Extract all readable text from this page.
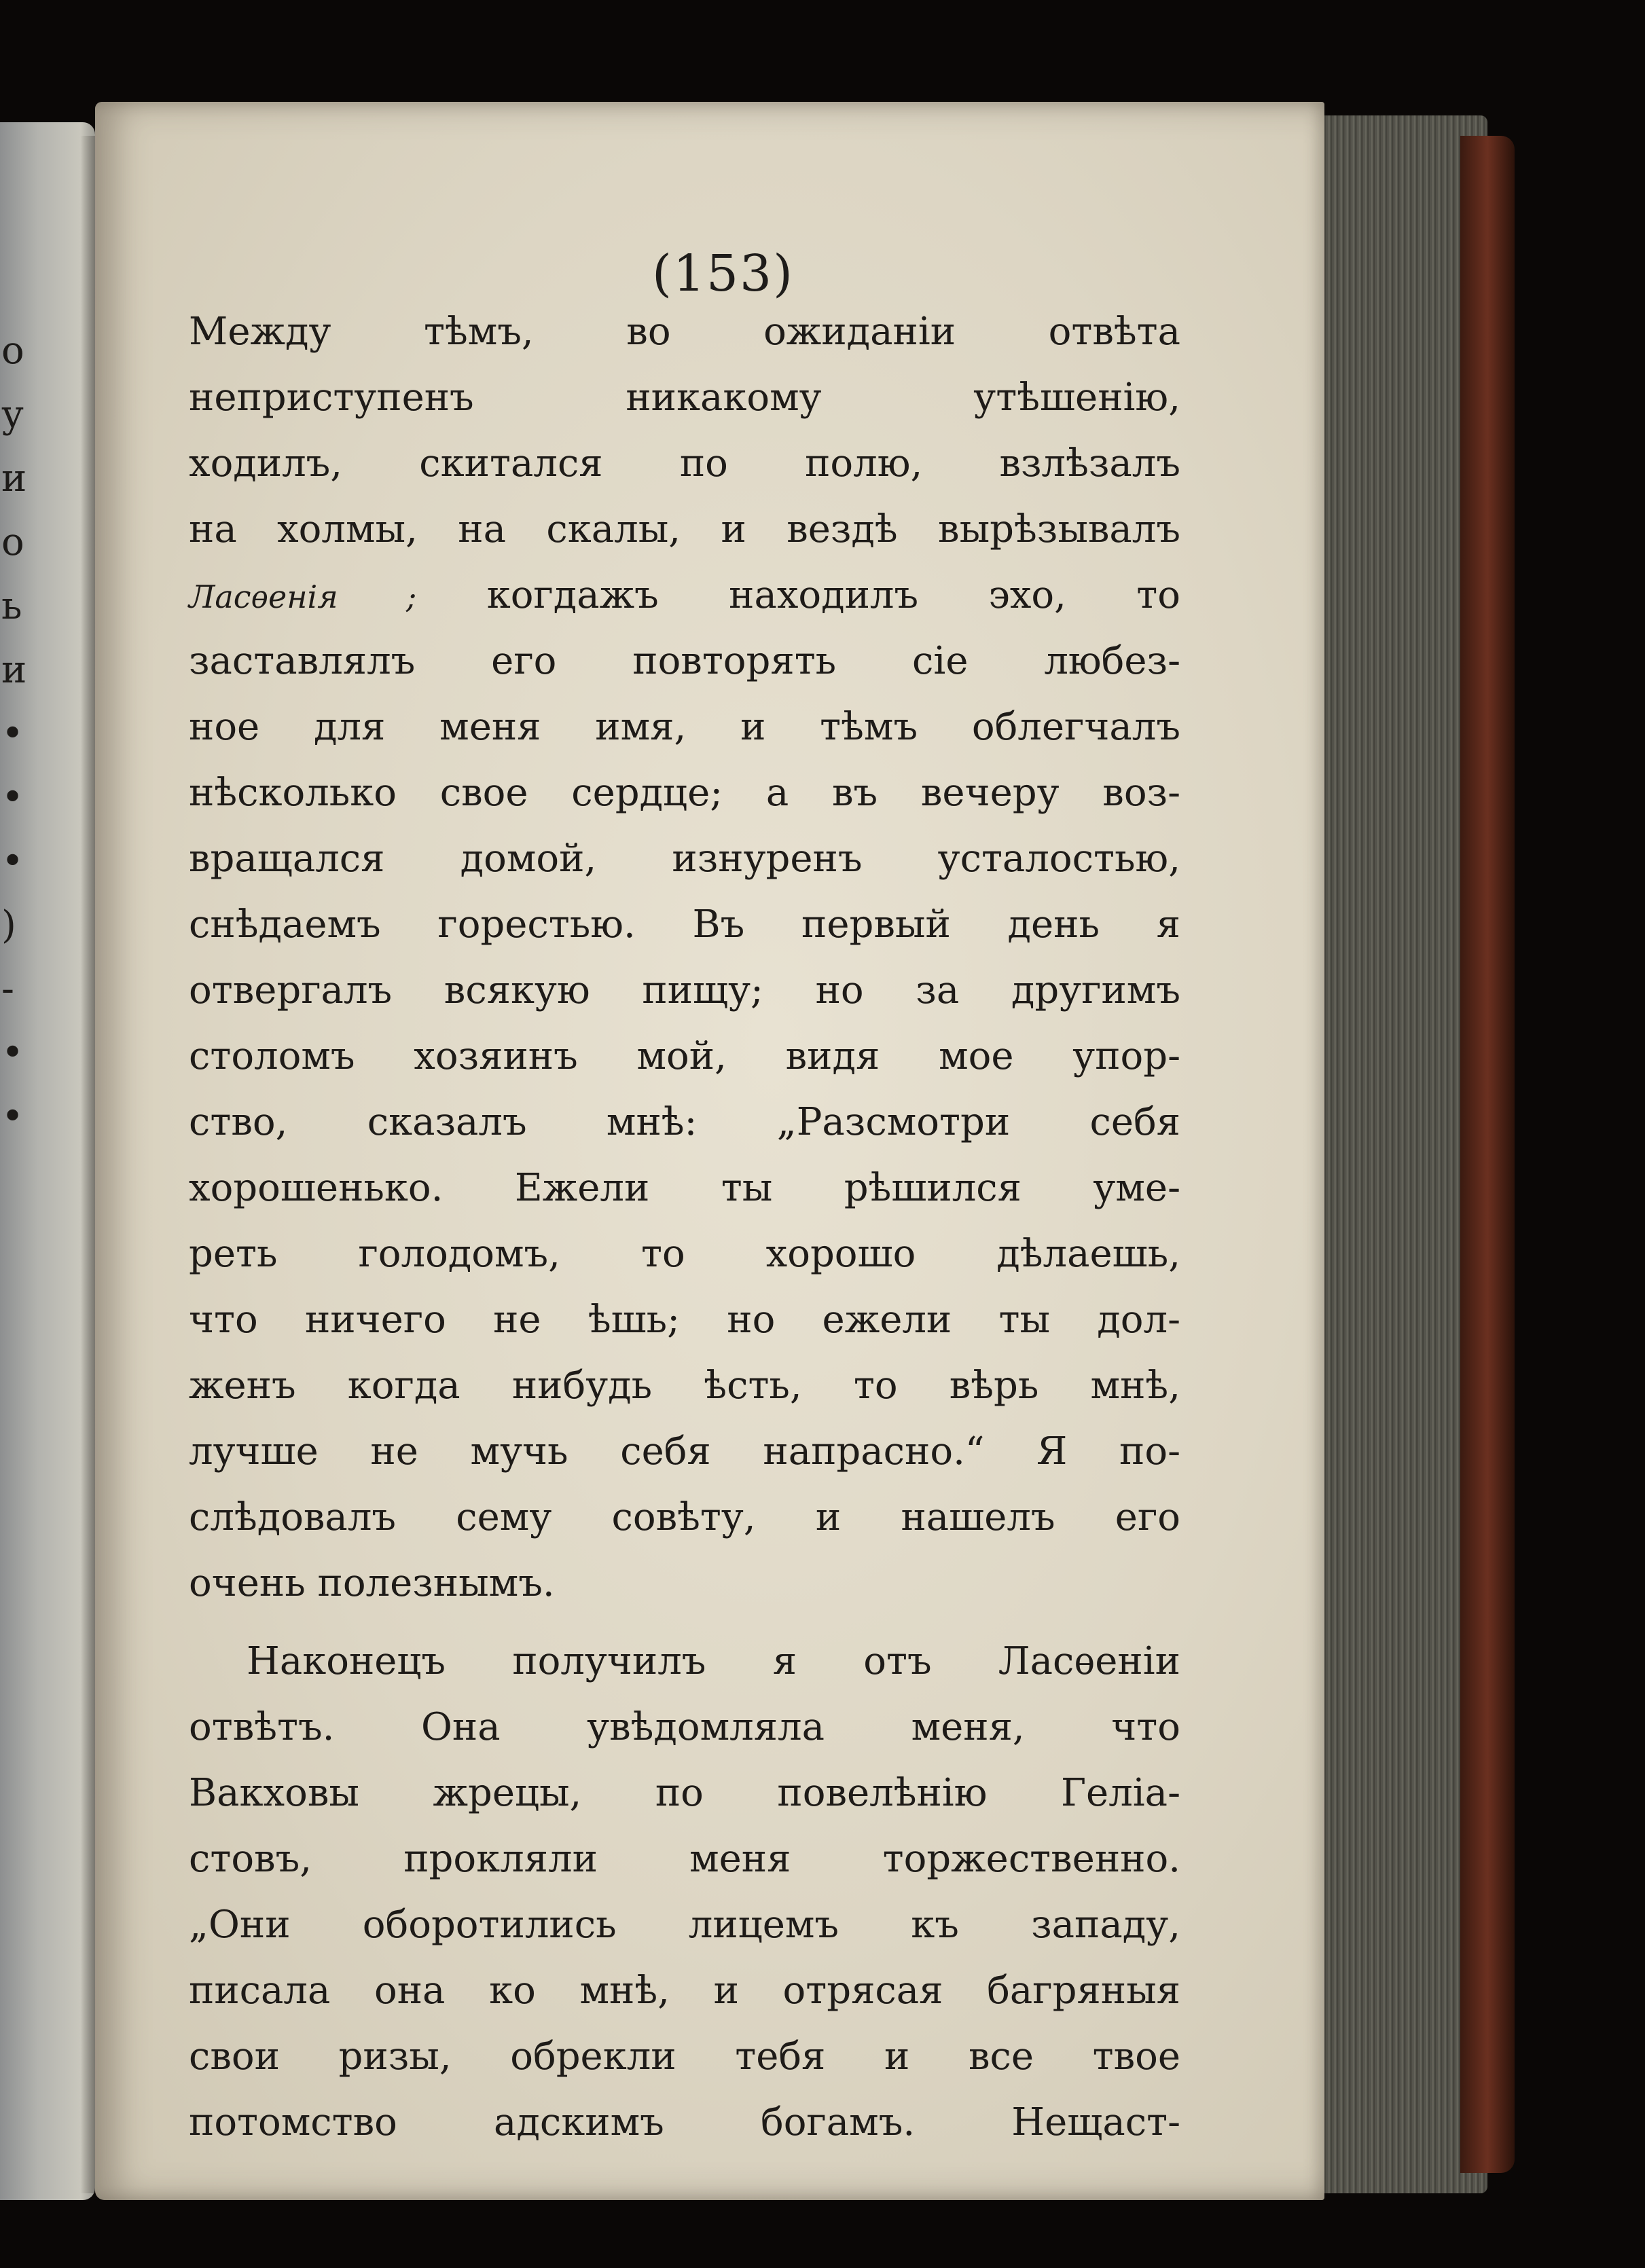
о
у
и
о
ь
и
•
•
•
)
-
•
•
(153)
Между тѣмъ, во ожиданіи отвѣта
неприступенъ никакому утѣшенію,
ходилъ, скитался по полю, взлѣзалъ
на холмы, на скалы, и вездѣ вырѣзывалъ
Ласѳенія ; когдажъ находилъ эхо, то
заставлялъ его повторять сіе любез-
ное для меня имя, и тѣмъ облегчалъ
нѣсколько свое сердце; а въ вечеру воз-
вращался домой, изнуренъ усталостью,
снѣдаемъ горестью. Въ первый день я
отвергалъ всякую пищу; но за другимъ
столомъ хозяинъ мой, видя мое упор-
ство, сказалъ мнѣ: „Разсмотри себя
хорошенько. Ежели ты рѣшился уме-
реть голодомъ, то хорошо дѣлаешь,
что ничего не ѣшь; но ежели ты дол-
женъ когда нибудь ѣсть, то вѣрь мнѣ,
лучше не мучь себя напрасно.“ Я по-
слѣдовалъ сему совѣту, и нашелъ его
очень полезнымъ.
Наконецъ получилъ я отъ Ласѳеніи
отвѣтъ. Она увѣдомляла меня, что
Вакховы жрецы, по повелѣнію Геліа-
стовъ, прокляли меня торжественно.
„Они оборотились лицемъ къ западу,
писала она ко мнѣ, и отрясая багряныя
свои ризы, обрекли тебя и все твое
потомство адскимъ богамъ. Нещаст-
